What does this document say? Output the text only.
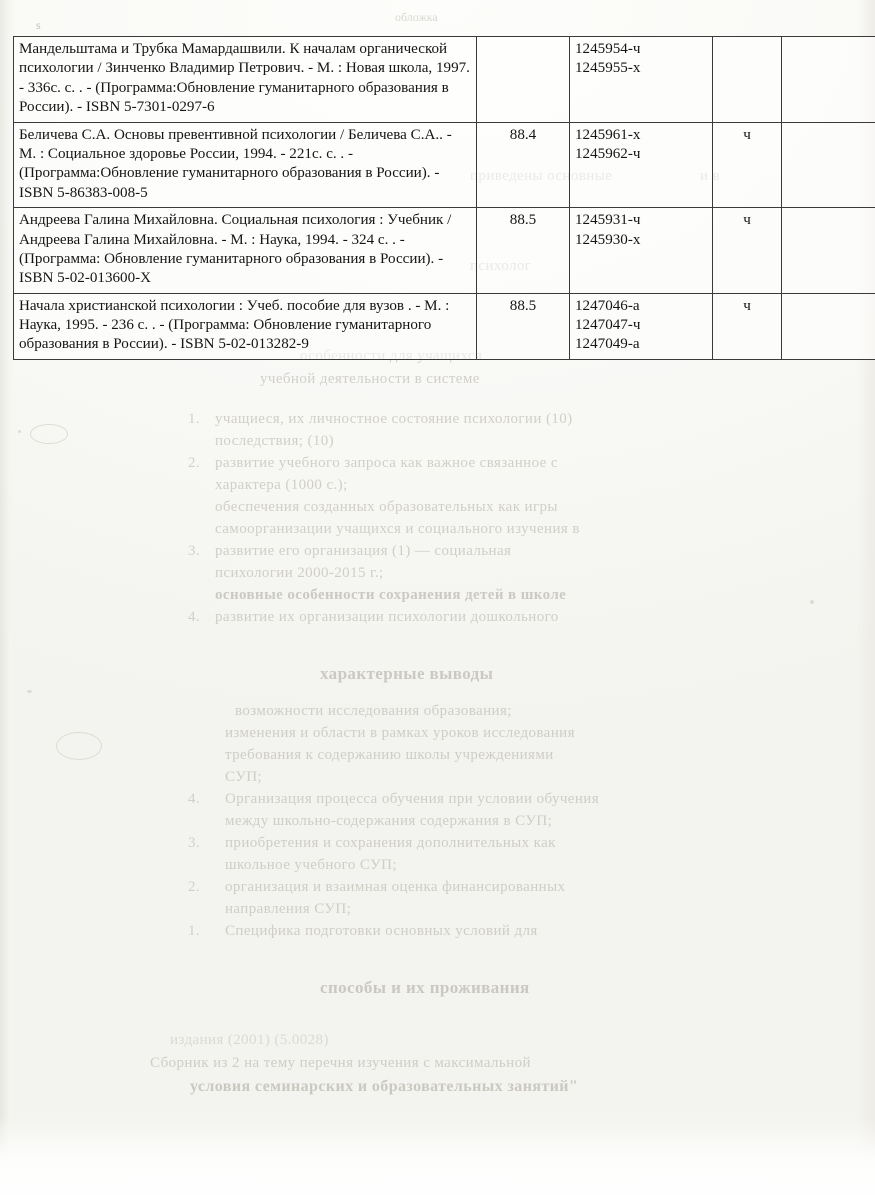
s
обложка
учебной деятельности в системе
1. учащиеся, их личностное состояние психологии (10)
последствия; (10)
2. развитие учебного запроса как важное связанное с
характера (1000 с.);
обеспечения созданных образовательных как игры
самоорганизации учащихся и социального изучения в
3. развитие его организация (1) — социальная
психологии 2000-2015 г.;
основные особенности сохранения детей в школе
4. развитие их организации психологии дошкольного
характерные выводы
возможности исследования образования;
изменения и области в рамках уроков исследования
требования к содержанию школы учреждениями
СУП;
4. Организация процесса обучения при условии обучения
между школьно-содержания содержания в СУП;
3. приобретения и сохранения дополнительных как
школьное учебного СУП;
2. организация и взаимная оценка финансированных
направления СУП;
1. Специфика подготовки основных условий для
способы и их проживания
издания (2001) (5.0028)
Сборник из 2 на тему перечня изучения с максимальной
условия семинарских и образовательных занятий"
Мандельштама и Трубка Мамардашвили. К началам органической психологии / Зинченко Владимир Петрович. - М. : Новая школа, 1997. - 336с. с. . - (Программа:Обновление гуманитарного образования в России). - ISBN 5-7301-0297-6		1245954-ч
1245955-х		

Беличева С.А. Основы превентивной психологии / Беличева С.А.. - М. : Социальное здоровье России, 1994. - 221с. с. . - (Программа:Обновление гуманитарного образования в России). - ISBN 5-86383-008-5	88.4	1245961-х
1245962-ч	ч	
Андреева Галина Михайловна. Социальная психология : Учебник / Андреева Галина Михайловна. - М. : Наука, 1994. - 324 с. . - (Программа: Обновление гуманитарного образования в России). - ISBN 5-02-013600-X	88.5	1245931-ч
1245930-х	ч	
Начала христианской психологии : Учеб. пособие для вузов . - М. : Наука, 1995. - 236 с. . - (Программа: Обновление гуманитарного образования в России). - ISBN 5-02-013282-9	88.5	1247046-а
1247047-ч
1247049-а	ч	
